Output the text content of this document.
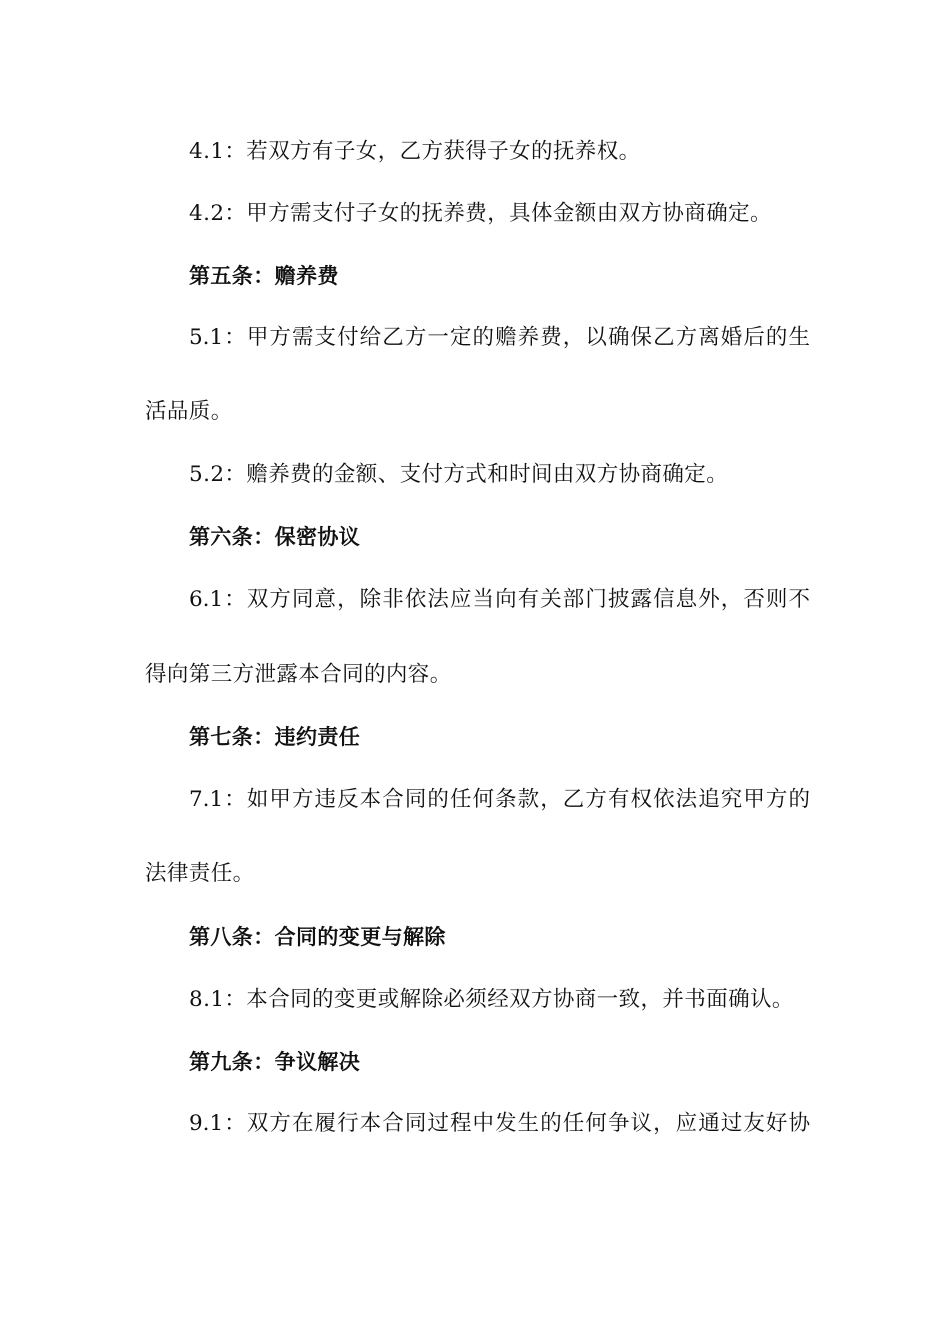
4.1：若双方有子女，乙方获得子女的抚养权。
4.2：甲方需支付子女的抚养费，具体金额由双方协商确定。
第五条：赡养费
5.1：甲方需支付给乙方一定的赡养费，以确保乙方离婚后的生
活品质。
5.2：赡养费的金额、支付方式和时间由双方协商确定。
第六条：保密协议
6.1：双方同意，除非依法应当向有关部门披露信息外，否则不
得向第三方泄露本合同的内容。
第七条：违约责任
7.1：如甲方违反本合同的任何条款，乙方有权依法追究甲方的
法律责任。
第八条：合同的变更与解除
8.1：本合同的变更或解除必须经双方协商一致，并书面确认。
第九条：争议解决
9.1：双方在履行本合同过程中发生的任何争议，应通过友好协
